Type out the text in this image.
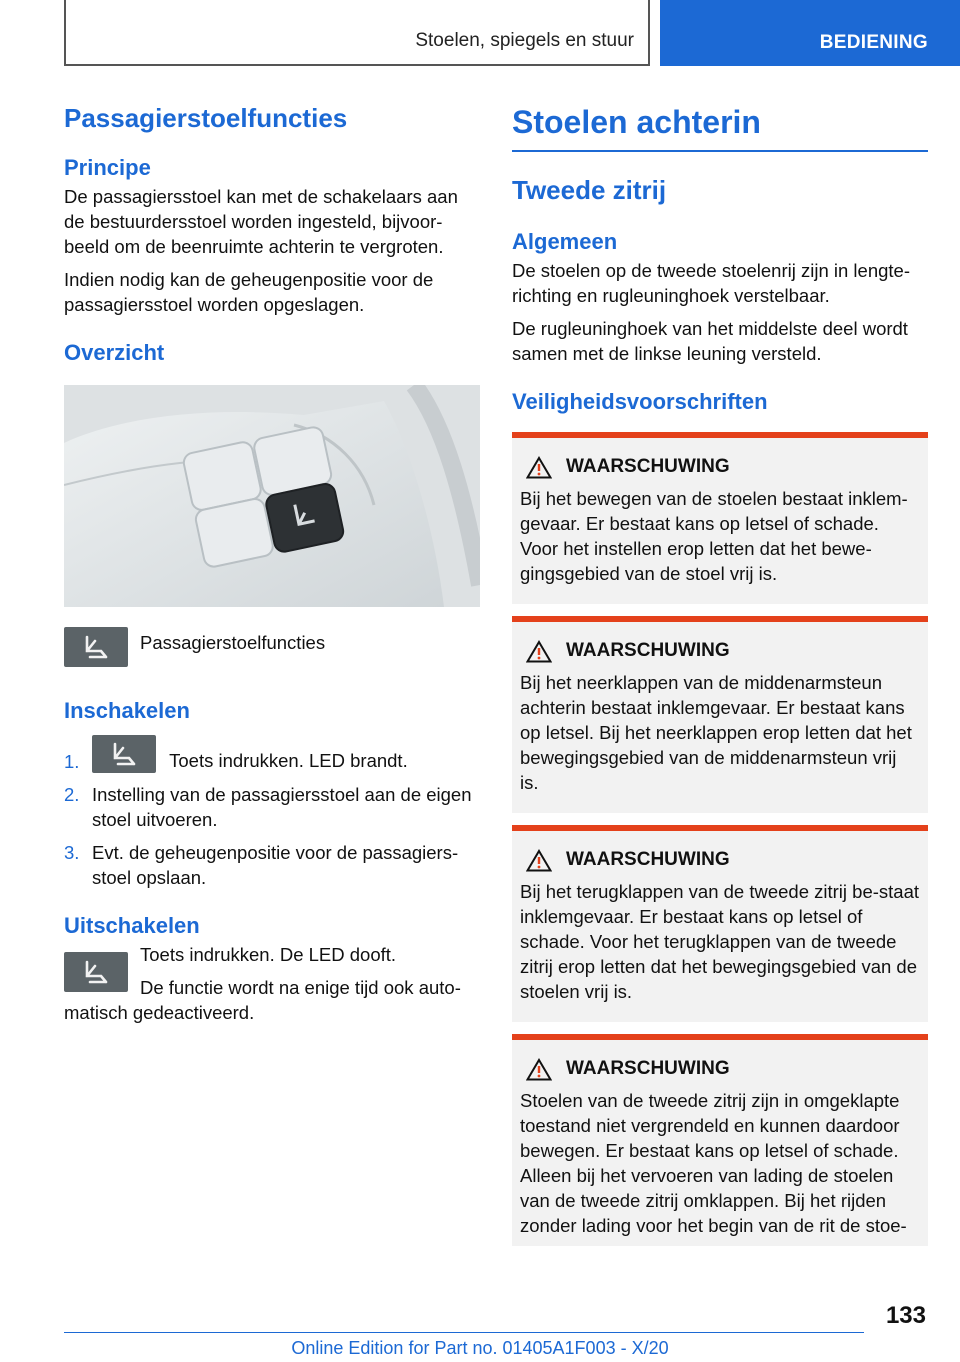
Stoelen, spiegels en stuur	BEDIENING
Passagierstoelfuncties
Principe

De passagiersstoel kan met de schakelaars aan de bestuurdersstoel worden ingesteld, bijvoor-beeld om de beenruimte achterin te vergroten.

Indien nodig kan de geheugenpositie voor de passagiersstoel worden opgeslagen.

Overzicht
Passagierstoelfuncties
Inschakelen
1.	Toets indrukken. LED brandt.
2. Instelling van de passagiersstoel aan de eigen stoel uitvoeren.
3. Evt. de geheugenpositie voor de passagiers-stoel opslaan.
Uitschakelen

Toets indrukken. De LED dooft.

De functie wordt na enige tijd ook auto-matisch gedeactiveerd.

Stoelen achterin
Tweede zitrij
Algemeen

De stoelen op de tweede stoelenrij zijn in lengte-richting en rugleuninghoek verstelbaar.

De rugleuninghoek van het middelste deel wordt samen met de linkse leuning versteld.

Veiligheidsvoorschriften
WAARSCHUWING

Bij het bewegen van de stoelen bestaat inklem-gevaar. Er bestaat kans op letsel of schade. Voor het instellen erop letten dat het bewe-gingsgebied van de stoel vrij is.

WAARSCHUWING

Bij het neerklappen van de middenarmsteun achterin bestaat inklemgevaar. Er bestaat kans op letsel. Bij het neerklappen erop letten dat het bewegingsgebied van de middenarmsteun vrij is.

WAARSCHUWING

Bij het terugklappen van de tweede zitrij be-staat inklemgevaar. Er bestaat kans op letsel of schade. Voor het terugklappen van de tweede zitrij erop letten dat het bewegingsgebied van de stoelen vrij is.

WAARSCHUWING

Stoelen van de tweede zitrij zijn in omgeklapte toestand niet vergrendeld en kunnen daardoor bewegen. Er bestaat kans op letsel of schade. Alleen bij het vervoeren van lading de stoelen van de tweede zitrij omklappen. Bij het rijden zonder lading voor het begin van de rit de stoe-

133
Online Edition for Part no. 01405A1F003 - X/20
